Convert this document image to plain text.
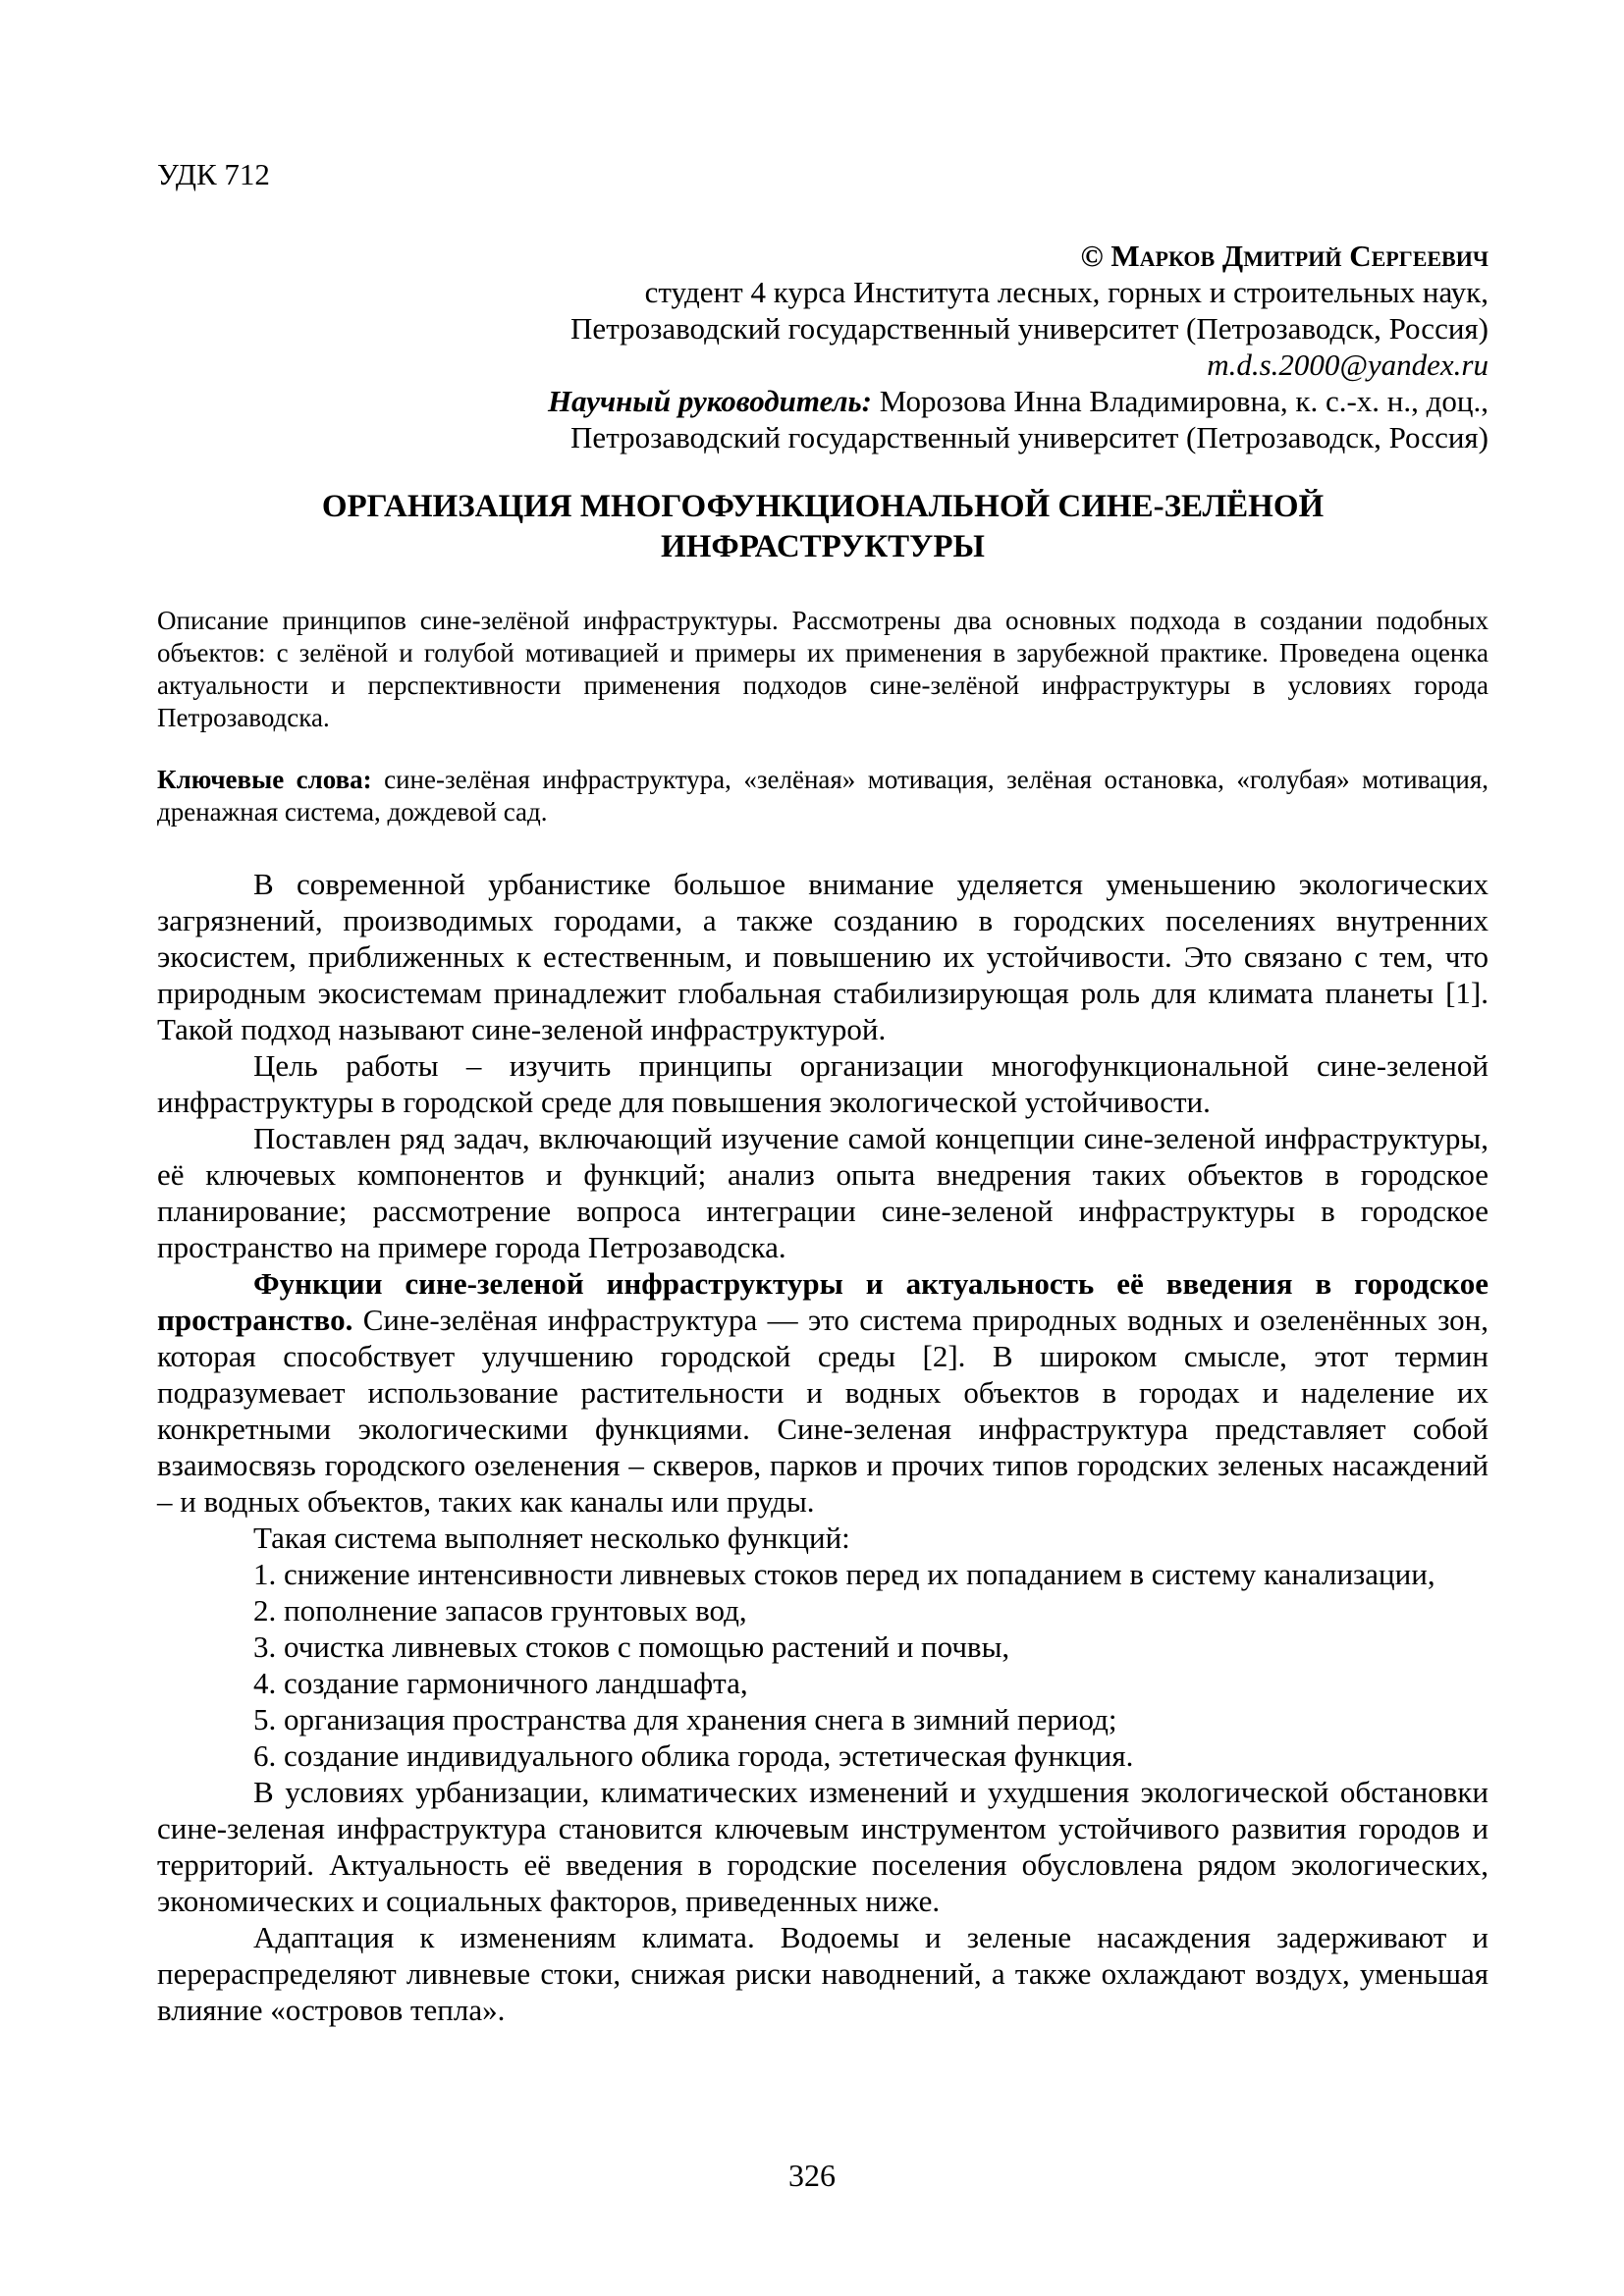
УДК 712
© Марков Дмитрий Сергеевич
студент 4 курса Института лесных, горных и строительных наук,
Петрозаводский государственный университет (Петрозаводск, Россия)
m.d.s.2000@yandex.ru
Научный руководитель: Морозова Инна Владимировна, к. с.-х. н., доц.,
Петрозаводский государственный университет (Петрозаводск, Россия)
ОРГАНИЗАЦИЯ МНОГОФУНКЦИОНАЛЬНОЙ СИНЕ-ЗЕЛЁНОЙ ИНФРАСТРУКТУРЫ
Описание принципов сине-зелёной инфраструктуры. Рассмотрены два основных подхода в создании подобных объектов: с зелёной и голубой мотивацией и примеры их применения в зарубежной практике. Проведена оценка актуальности и перспективности применения подходов сине-зелёной инфраструктуры в условиях города Петрозаводска.
Ключевые слова: сине-зелёная инфраструктура, «зелёная» мотивация, зелёная остановка, «голубая» мотивация, дренажная система, дождевой сад.

В современной урбанистике большое внимание уделяется уменьшению экологических загрязнений, производимых городами, а также созданию в городских поселениях внутренних экосистем, приближенных к естественным, и повышению их устойчивости. Это связано с тем, что природным экосистемам принадлежит глобальная стабилизирующая роль для климата планеты [1]. Такой подход называют сине-зеленой инфраструктурой.

Цель работы – изучить принципы организации многофункциональной сине-зеленой инфраструктуры в городской среде для повышения экологической устойчивости.

Поставлен ряд задач, включающий изучение самой концепции сине-зеленой инфраструктуры, её ключевых компонентов и функций; анализ опыта внедрения таких объектов в городское планирование; рассмотрение вопроса интеграции сине-зеленой инфраструктуры в городское пространство на примере города Петрозаводска.

Функции сине-зеленой инфраструктуры и актуальность её введения в городское пространство. Сине-зелёная инфраструктура — это система природных водных и озеленённых зон, которая способствует улучшению городской среды [2]. В широком смысле, этот термин подразумевает использование растительности и водных объектов в городах и наделение их конкретными экологическими функциями. Сине-зеленая инфраструктура представляет собой взаимосвязь городского озеленения – скверов, парков и прочих типов городских зеленых насаждений – и водных объектов, таких как каналы или пруды.

Такая система выполняет несколько функций:

1. снижение интенсивности ливневых стоков перед их попаданием в систему канализации,

2. пополнение запасов грунтовых вод,

3. очистка ливневых стоков с помощью растений и почвы,

4. создание гармоничного ландшафта,

5. организация пространства для хранения снега в зимний период;

6. создание индивидуального облика города, эстетическая функция.

В условиях урбанизации, климатических изменений и ухудшения экологической обстановки сине-зеленая инфраструктура становится ключевым инструментом устойчивого развития городов и территорий. Актуальность её введения в городские поселения обусловлена рядом экологических, экономических и социальных факторов, приведенных ниже.

Адаптация к изменениям климата. Водоемы и зеленые насаждения задерживают и перераспределяют ливневые стоки, снижая риски наводнений, а также охлаждают воздух, уменьшая влияние «островов тепла».

326
